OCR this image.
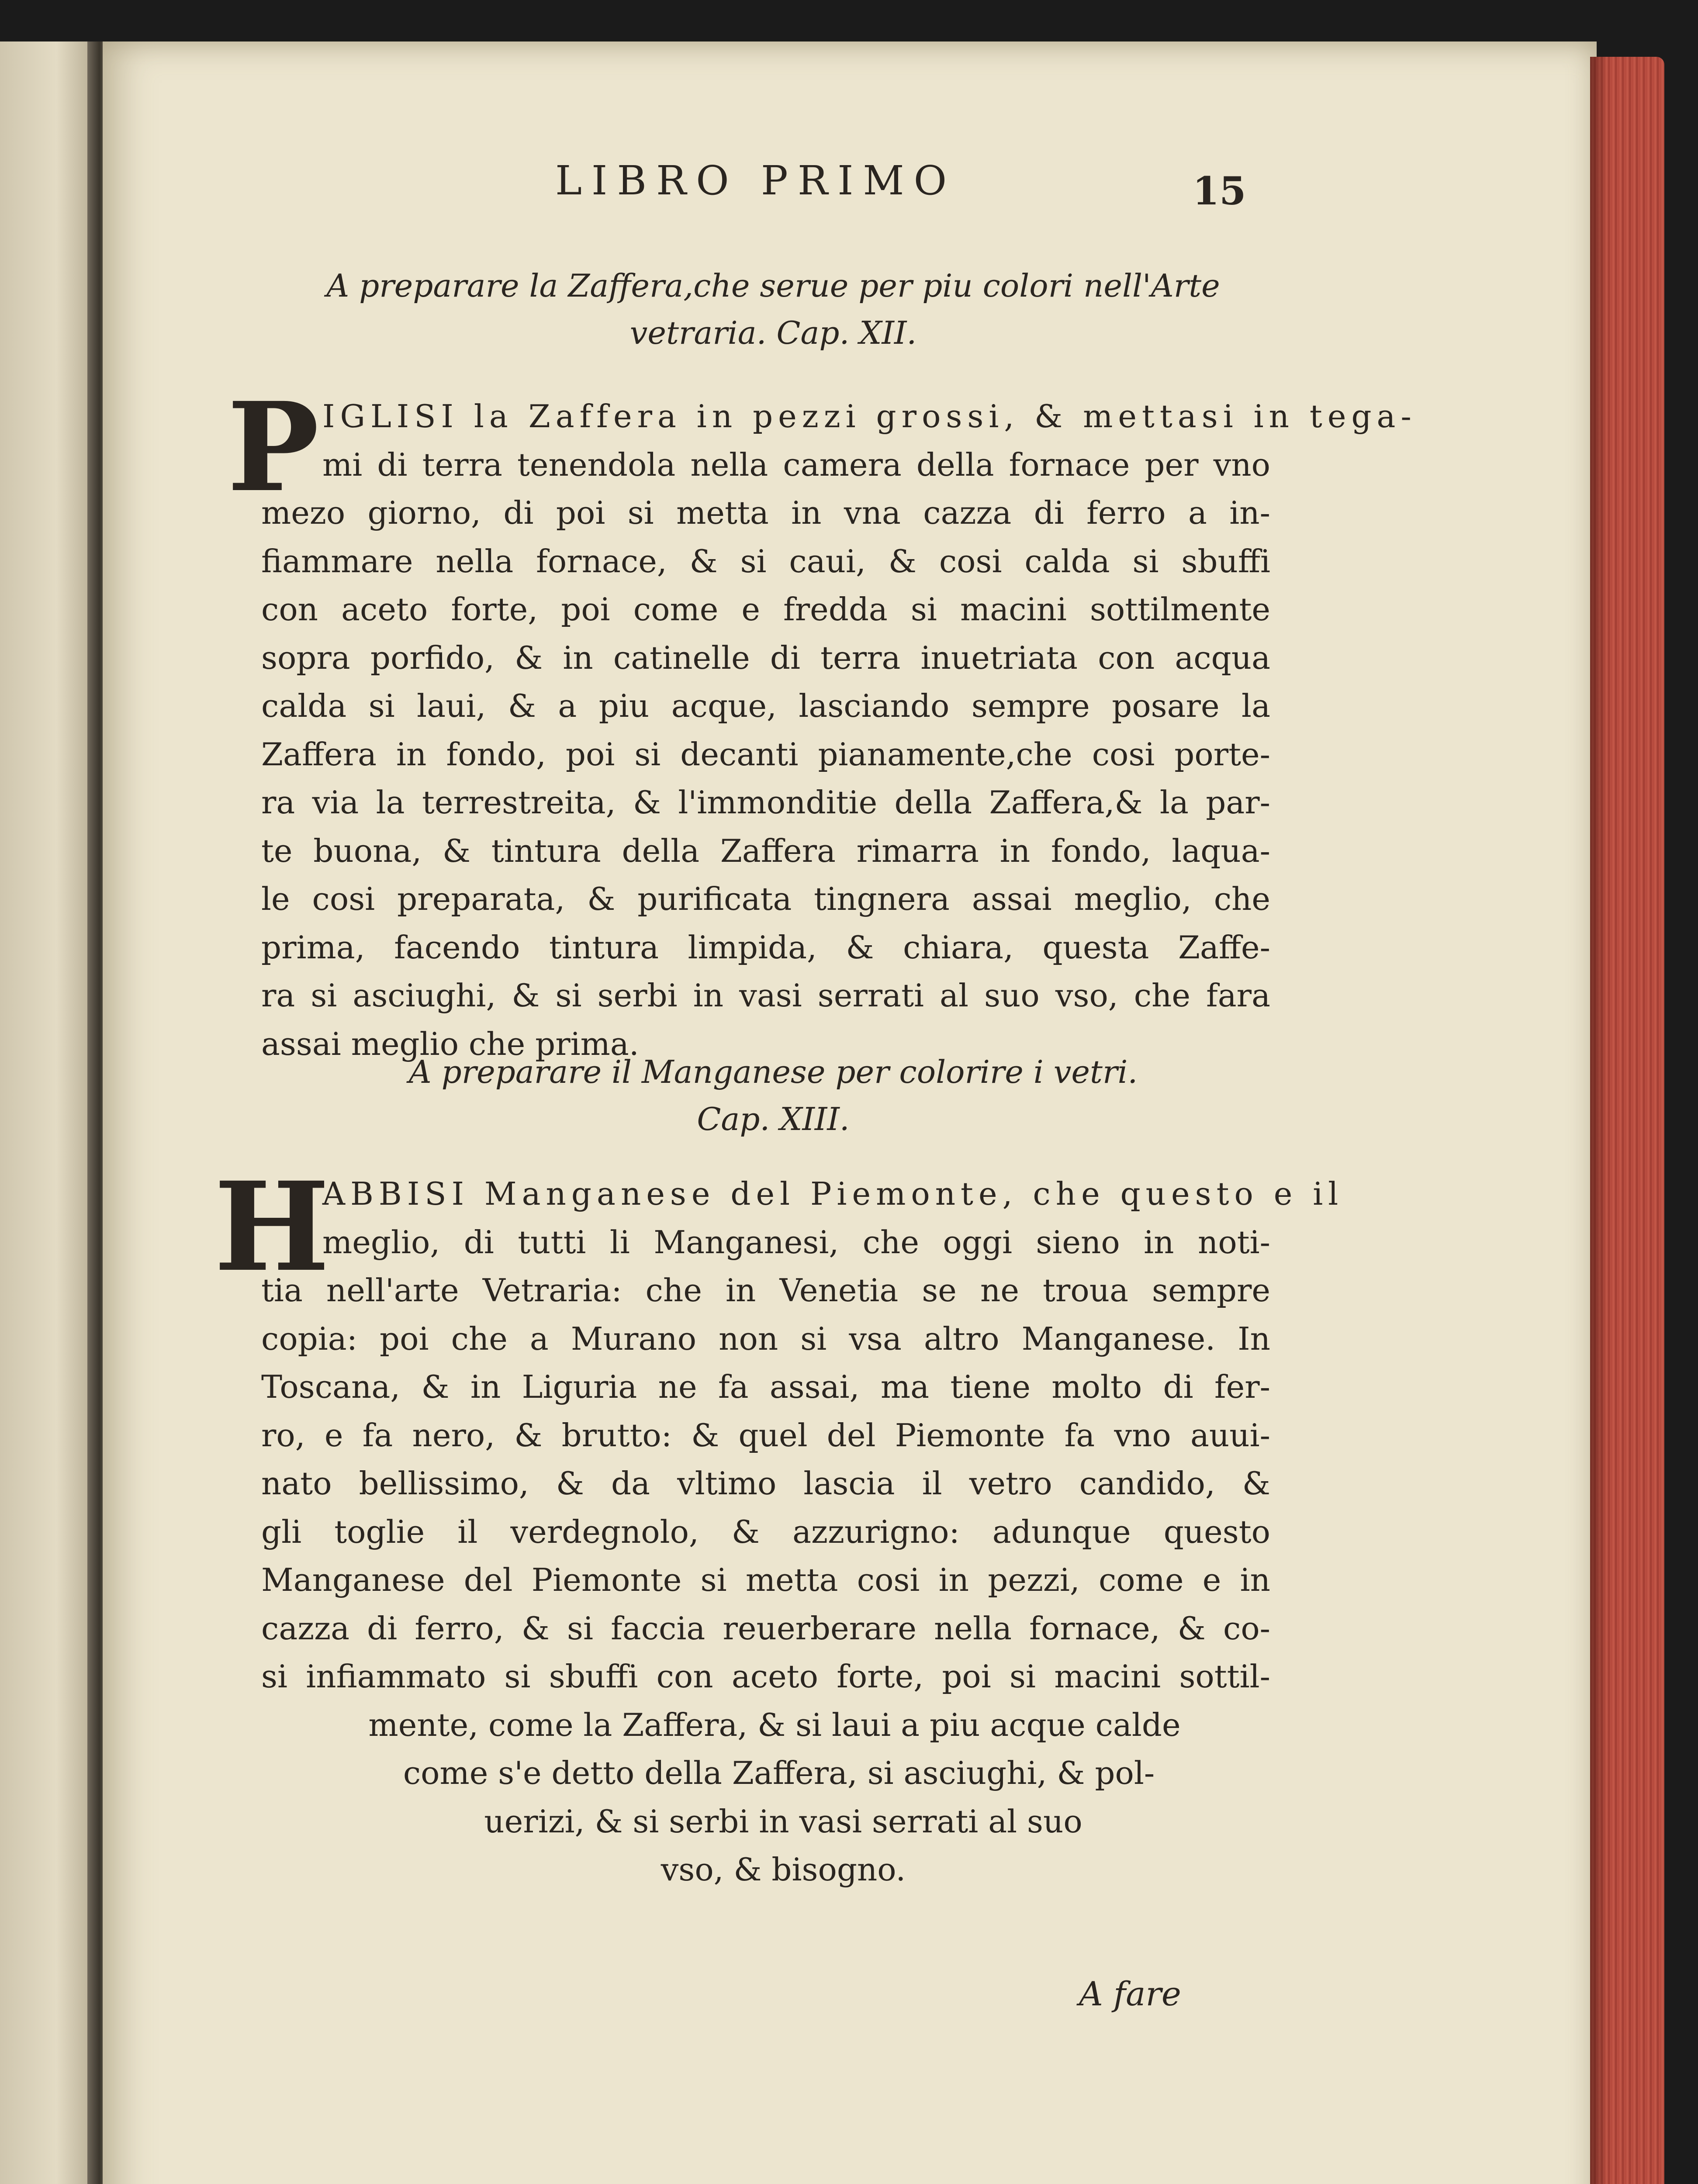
LIBRO PRIMO	15
A preparare la Zaffera,che serue per piu colori nell'Arte
vetraria. Cap. XII.
P IGLISI la Zaffera in pezzi grossi, & mettasi in tega-
mi di terra tenendola nella camera della fornace per vno
mezo giorno, di poi si metta in vna cazza di ferro a in-
fiammare nella fornace, & si caui, & cosi calda si sbuffi
con aceto forte, poi come e fredda si macini sottilmente
sopra porfido, & in catinelle di terra inuetriata con acqua
calda si laui, & a piu acque, lasciando sempre posare la
Zaffera in fondo, poi si decanti pianamente,che cosi porte-
ra via la terrestreita, & l'immonditie della Zaffera,& la par-
te buona, & tintura della Zaffera rimarra in fondo, laqua-
le cosi preparata, & purificata tingnera assai meglio, che
prima, facendo tintura limpida, & chiara, questa Zaffe-
ra si asciughi, & si serbi in vasi serrati al suo vso, che fara
assai meglio che prima.
A preparare il Manganese per colorire i vetri.
Cap. XIII.
H
ABBISI Manganese del Piemonte, che questo e il
meglio, di tutti li Manganesi, che oggi sieno in noti-
tia nell'arte Vetraria: che in Venetia se ne troua sempre
copia: poi che a Murano non si vsa altro Manganese. In
Toscana, & in Liguria ne fa assai, ma tiene molto di fer-
ro, e fa nero, & brutto: & quel del Piemonte fa vno auui-
nato bellissimo, & da vltimo lascia il vetro candido, &
gli toglie il verdegnolo, & azzurigno: adunque questo
Manganese del Piemonte si metta cosi in pezzi, come e in
cazza di ferro, & si faccia reuerberare nella fornace, & co-
si infiammato si sbuffi con aceto forte, poi si macini sottil-
mente, come la Zaffera, & si laui a piu acque calde
come s'e detto della Zaffera, si asciughi, & pol-
uerizi, & si serbi in vasi serrati al suo
vso, & bisogno.
A fare
